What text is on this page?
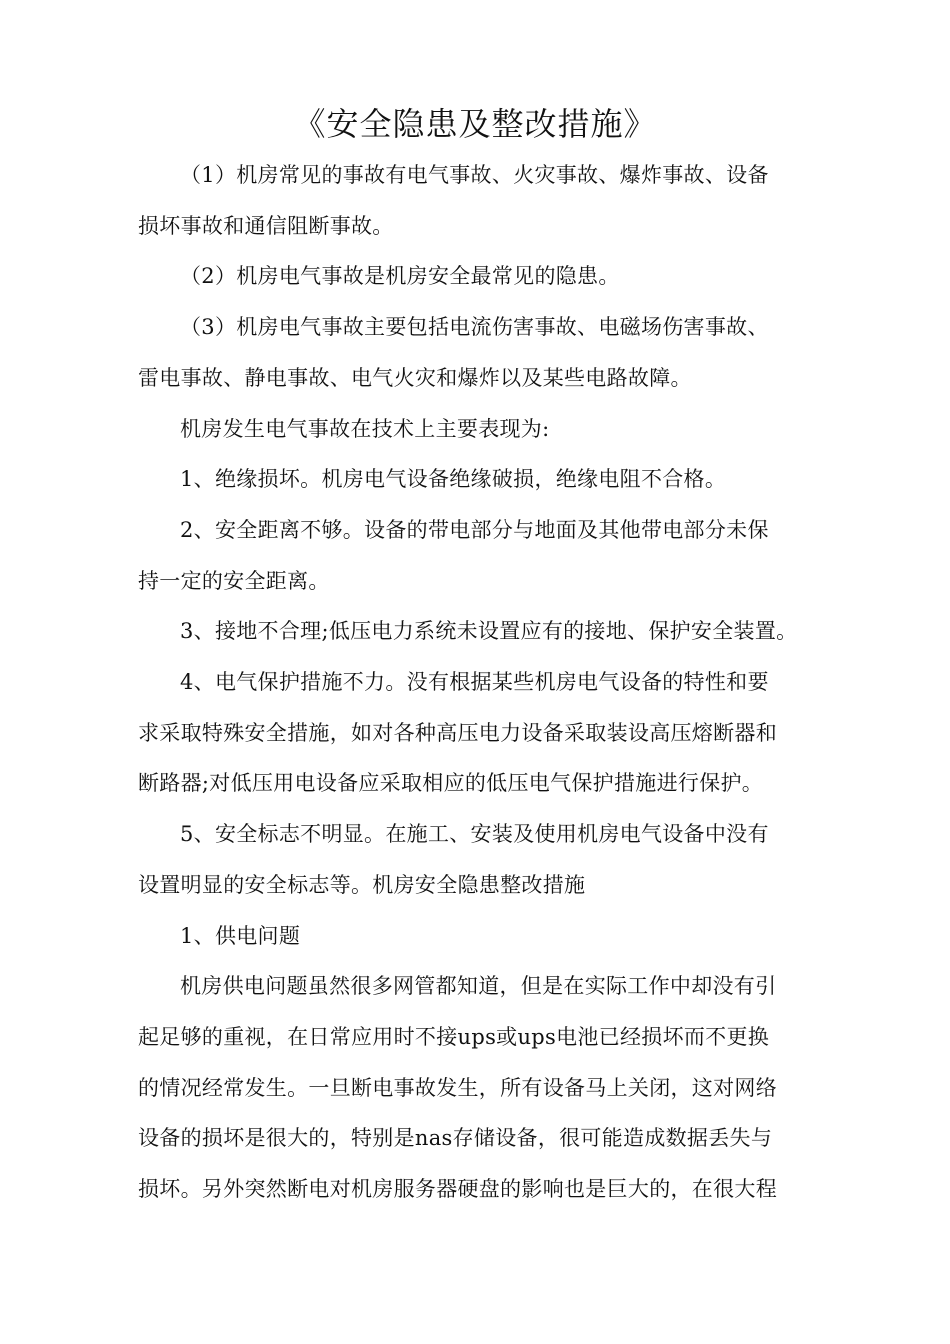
《安全隐患及整改措施》

（1）机房常见的事故有电气事故、火灾事故、爆炸事故、设备
损坏事故和通信阻断事故。

（2）机房电气事故是机房安全最常见的隐患。

（3）机房电气事故主要包括电流伤害事故、电磁场伤害事故、
雷电事故、静电事故、电气火灾和爆炸以及某些电路故障。

机房发生电气事故在技术上主要表现为:

1、绝缘损坏。机房电气设备绝缘破损，绝缘电阻不合格。

2、安全距离不够。设备的带电部分与地面及其他带电部分未保
持一定的安全距离。

3、接地不合理;低压电力系统未设置应有的接地、保护安全装置。

4、电气保护措施不力。没有根据某些机房电气设备的特性和要
求采取特殊安全措施，如对各种高压电力设备采取装设高压熔断器和
断路器;对低压用电设备应采取相应的低压电气保护措施进行保护。

5、安全标志不明显。在施工、安装及使用机房电气设备中没有
设置明显的安全标志等。机房安全隐患整改措施

1、供电问题

机房供电问题虽然很多网管都知道，但是在实际工作中却没有引
起足够的重视，在日常应用时不接ups或ups电池已经损坏而不更换
的情况经常发生。一旦断电事故发生，所有设备马上关闭，这对网络
设备的损坏是很大的，特别是nas存储设备，很可能造成数据丢失与
损坏。另外突然断电对机房服务器硬盘的影响也是巨大的，在很大程
